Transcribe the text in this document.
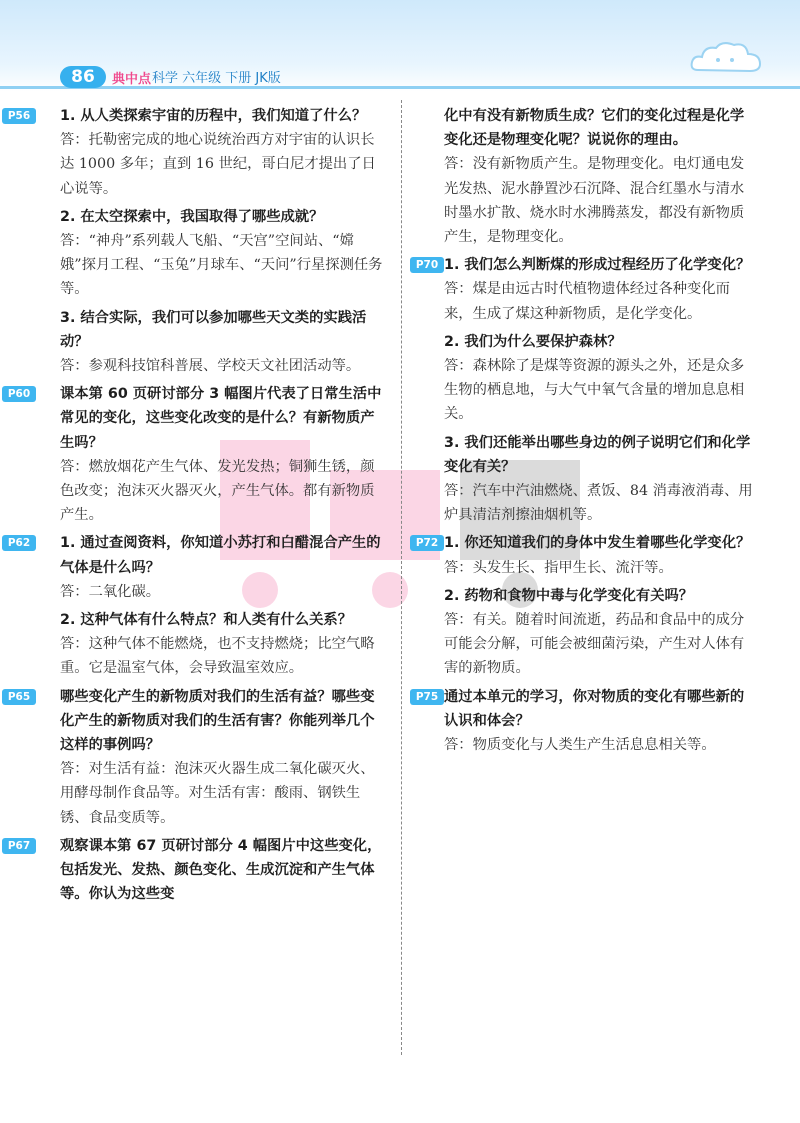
86	典中点 科学 六年级 下册 JK版
P56	1. 从人类探索宇宙的历程中，我们知道了什么？

答：托勒密完成的地心说统治西方对宇宙的认识长达 1000 多年；直到 16 世纪，哥白尼才提出了日心说等。

2. 在太空探索中，我国取得了哪些成就？

答：“神舟”系列载人飞船、“天宫”空间站、“嫦娥”探月工程、“玉兔”月球车、“天问”行星探测任务等。

3. 结合实际，我们可以参加哪些天文类的实践活动？

答：参观科技馆科普展、学校天文社团活动等。

P60	课本第 60 页研讨部分 3 幅图片代表了日常生活中常见的变化，这些变化改变的是什么？有新物质产生吗？

答：燃放烟花产生气体、发光发热；铜狮生锈，颜色改变；泡沫灭火器灭火，产生气体。都有新物质产生。

P62	1. 通过查阅资料，你知道小苏打和白醋混合产生的气体是什么吗？

答：二氧化碳。

2. 这种气体有什么特点？和人类有什么关系？

答：这种气体不能燃烧，也不支持燃烧；比空气略重。它是温室气体，会导致温室效应。

P65	哪些变化产生的新物质对我们的生活有益？哪些变化产生的新物质对我们的生活有害？你能列举几个这样的事例吗？

答：对生活有益：泡沫灭火器生成二氧化碳灭火、用酵母制作食品等。对生活有害：酸雨、钢铁生锈、食品变质等。

P67	观察课本第 67 页研讨部分 4 幅图片中这些变化，包括发光、发热、颜色变化、生成沉淀和产生气体等。你认为这些变

化中有没有新物质生成？它们的变化过程是化学变化还是物理变化呢？说说你的理由。

答：没有新物质产生。是物理变化。电灯通电发光发热、泥水静置沙石沉降、混合红墨水与清水时墨水扩散、烧水时水沸腾蒸发，都没有新物质产生，是物理变化。

P70 1. 我们怎么判断煤的形成过程经历了化学变化？

答：煤是由远古时代植物遗体经过各种变化而来，生成了煤这种新物质，是化学变化。

2. 我们为什么要保护森林？

答：森林除了是煤等资源的源头之外，还是众多生物的栖息地，与大气中氧气含量的增加息息相关。

3. 我们还能举出哪些身边的例子说明它们和化学变化有关？

答：汽车中汽油燃烧、煮饭、84 消毒液消毒、用炉具清洁剂擦油烟机等。

P72 1. 你还知道我们的身体中发生着哪些化学变化？

答：头发生长、指甲生长、流汗等。

2. 药物和食物中毒与化学变化有关吗？

答：有关。随着时间流逝，药品和食品中的成分可能会分解，可能会被细菌污染，产生对人体有害的新物质。

P75 通过本单元的学习，你对物质的变化有哪些新的认识和体会？

答：物质变化与人类生产生活息息相关等。
